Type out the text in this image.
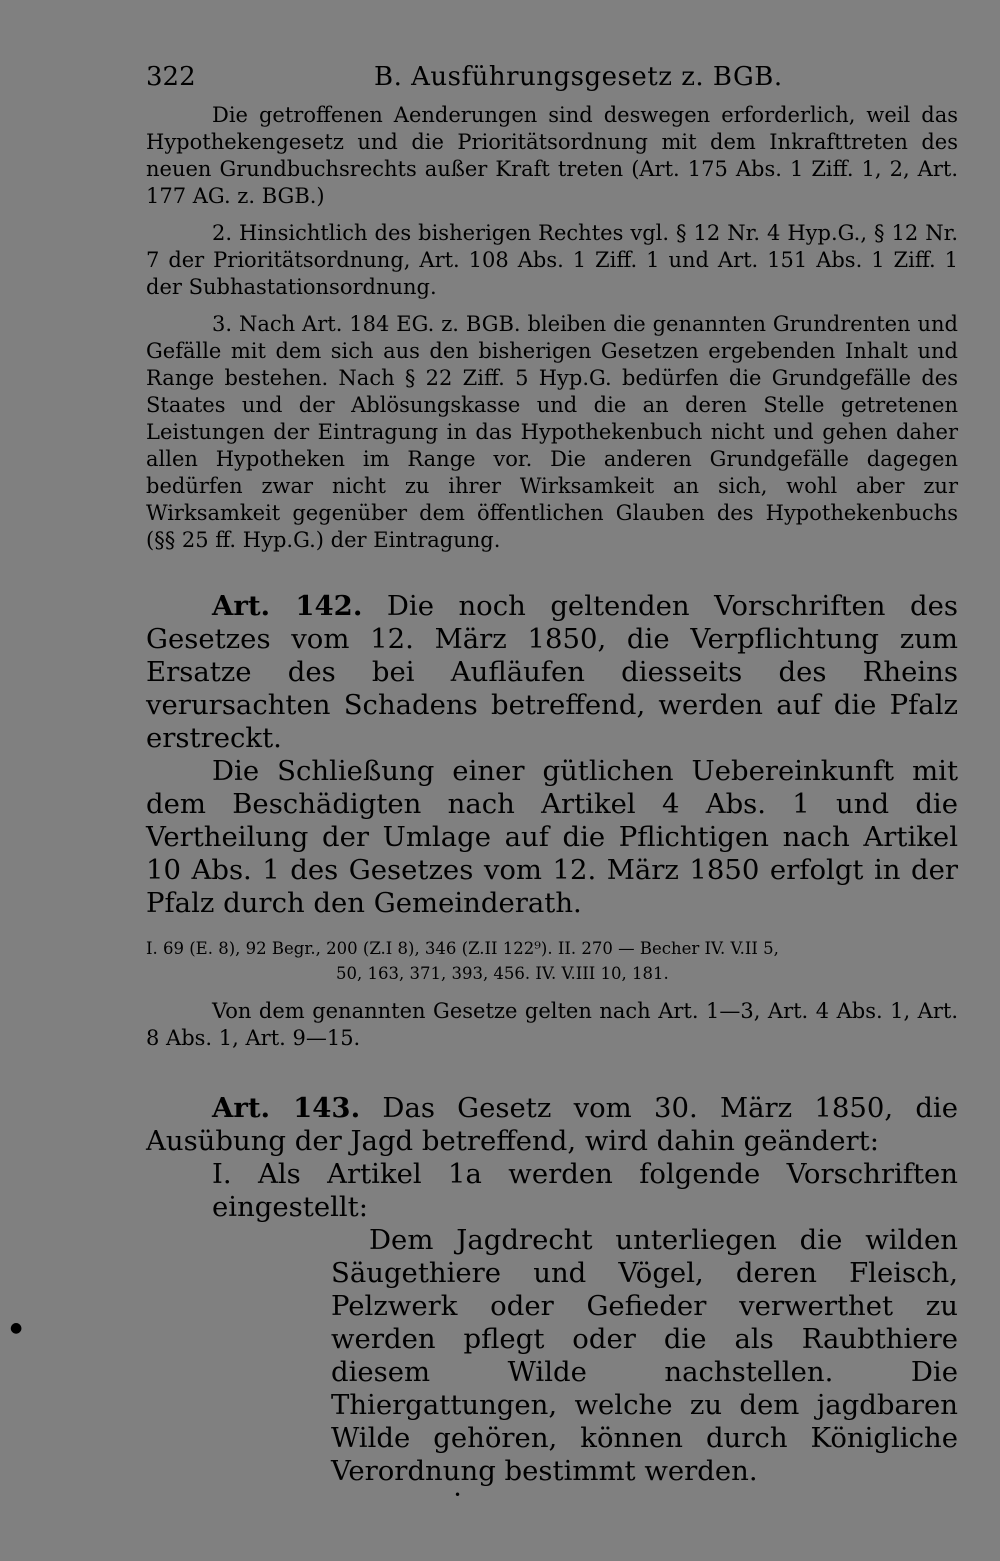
322	B. Ausführungsgesetz z. BGB.

Die getroffenen Aenderungen sind deswegen erforderlich, weil das Hypothekengesetz und die Prioritätsordnung mit dem Inkrafttreten des neuen Grundbuchsrechts außer Kraft treten (Art. 175 Abs. 1 Ziff. 1, 2, Art. 177 AG. z. BGB.)

2. Hinsichtlich des bisherigen Rechtes vgl. § 12 Nr. 4 Hyp.G., § 12 Nr. 7 der Prioritätsordnung, Art. 108 Abs. 1 Ziff. 1 und Art. 151 Abs. 1 Ziff. 1 der Subhastationsordnung.

3. Nach Art. 184 EG. z. BGB. bleiben die genannten Grundrenten und Gefälle mit dem sich aus den bisherigen Gesetzen ergebenden Inhalt und Range bestehen. Nach § 22 Ziff. 5 Hyp.G. bedürfen die Grundgefälle des Staates und der Ablösungskasse und die an deren Stelle getretenen Leistungen der Eintragung in das Hypothekenbuch nicht und gehen daher allen Hypotheken im Range vor. Die anderen Grundgefälle dagegen bedürfen zwar nicht zu ihrer Wirksamkeit an sich, wohl aber zur Wirksamkeit gegenüber dem öffentlichen Glauben des Hypothekenbuchs (§§ 25 ff. Hyp.G.) der Eintragung.

Art. 142. Die noch geltenden Vorschriften des Gesetzes vom 12. März 1850, die Verpflichtung zum Ersatze des bei Aufläufen diesseits des Rheins verursachten Schadens betreffend, werden auf die Pfalz erstreckt.

Die Schließung einer gütlichen Uebereinkunft mit dem Beschädigten nach Artikel 4 Abs. 1 und die Vertheilung der Umlage auf die Pflichtigen nach Artikel 10 Abs. 1 des Gesetzes vom 12. März 1850 erfolgt in der Pfalz durch den Gemeinderath.

I. 69 (E. 8), 92 Begr., 200 (Z.I 8), 346 (Z.II 122⁹). II. 270 — Becher IV. V.II 5,

50, 163, 371, 393, 456. IV. V.III 10, 181.

Von dem genannten Gesetze gelten nach Art. 1—3, Art. 4 Abs. 1, Art. 8 Abs. 1, Art. 9—15.

Art. 143. Das Gesetz vom 30. März 1850, die Ausübung der Jagd betreffend, wird dahin geändert:

I. Als Artikel 1a werden folgende Vorschriften eingestellt:

Dem Jagdrecht unterliegen die wilden Säugethiere und Vögel, deren Fleisch, Pelzwerk oder Gefieder verwerthet zu werden pflegt oder die als Raubthiere diesem Wilde nachstellen. Die Thiergattungen, welche zu dem jagdbaren Wilde gehören, können durch Königliche Verordnung bestimmt werden.

●
•
